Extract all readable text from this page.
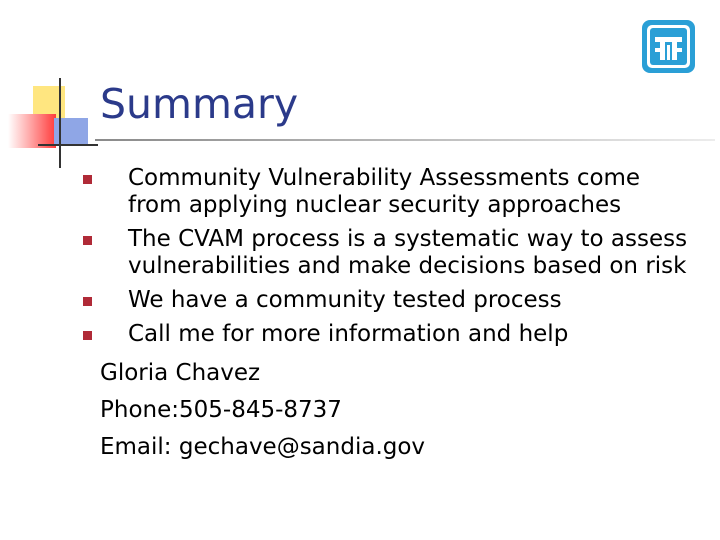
Summary
Community Vulnerability Assessments come from applying nuclear security approaches
The CVAM process is a systematic way to assess vulnerabilities and make decisions based on risk
We have a community tested process
Call me for more information and help

Gloria Chavez

Phone:505-845-8737

Email: gechave@sandia.gov
